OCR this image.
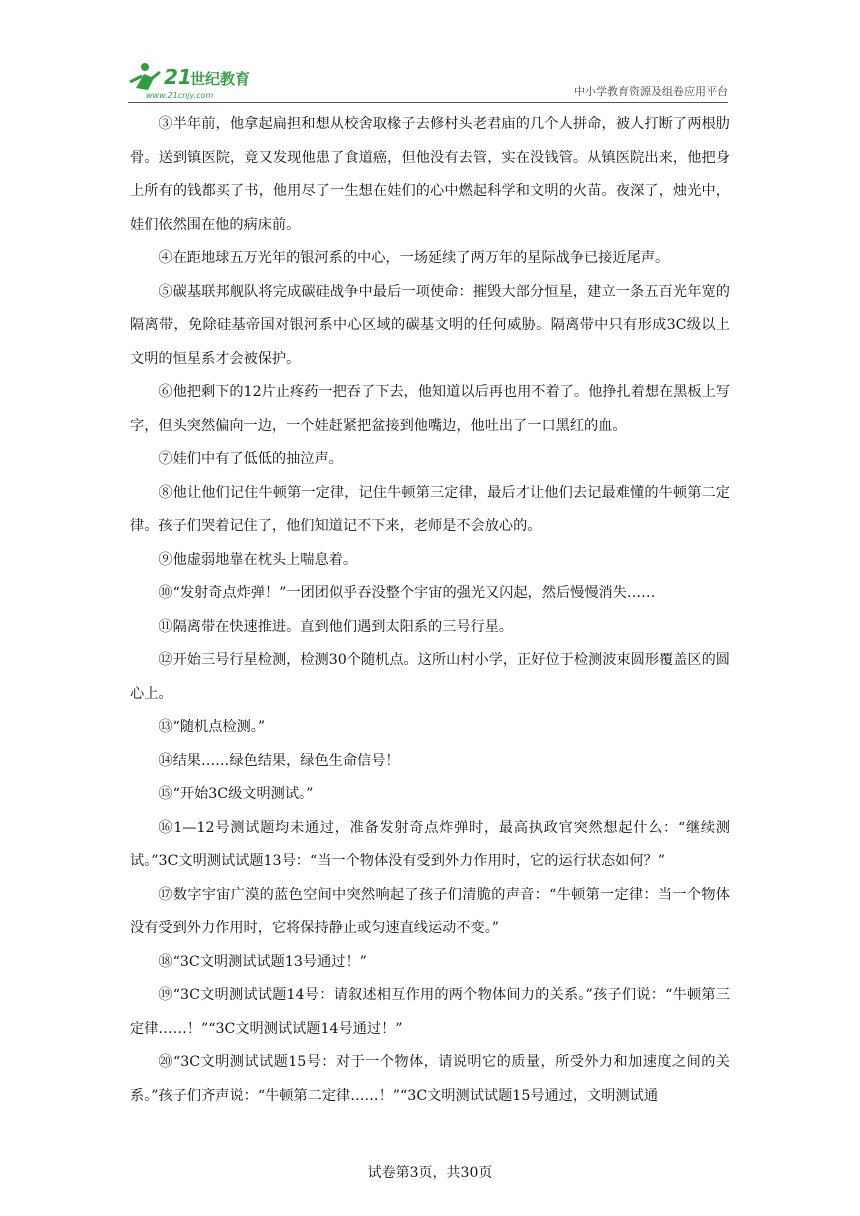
21
世纪教育
www.21cnjy.com	中小学教育资源及组卷应用平台

③半年前，他拿起扁担和想从校舍取椽子去修村头老君庙的几个人拼命，被人打断了两根肋骨。送到镇医院，竟又发现他患了食道癌，但他没有去管，实在没钱管。从镇医院出来，他把身上所有的钱都买了书，他用尽了一生想在娃们的心中燃起科学和文明的火苗。夜深了，烛光中，娃们依然围在他的病床前。

④在距地球五万光年的银河系的中心，一场延续了两万年的星际战争已接近尾声。

⑤碳基联邦舰队将完成碳硅战争中最后一项使命：摧毁大部分恒星，建立一条五百光年宽的隔离带，免除硅基帝国对银河系中心区域的碳基文明的任何威胁。隔离带中只有形成3C级以上文明的恒星系才会被保护。

⑥他把剩下的12片止疼药一把吞了下去，他知道以后再也用不着了。他挣扎着想在黑板上写字，但头突然偏向一边，一个娃赶紧把盆接到他嘴边，他吐出了一口黑红的血。

⑦娃们中有了低低的抽泣声。

⑧他让他们记住牛顿第一定律，记住牛顿第三定律，最后才让他们去记最难懂的牛顿第二定律。孩子们哭着记住了，他们知道记不下来，老师是不会放心的。

⑨他虚弱地靠在枕头上喘息着。

⑩“发射奇点炸弹！”一团团似乎吞没整个宇宙的强光又闪起，然后慢慢消失……

⑪隔离带在快速推进。直到他们遇到太阳系的三号行星。

⑫开始三号行星检测，检测30个随机点。这所山村小学，正好位于检测波束圆形覆盖区的圆心上。

⑬“随机点检测。”

⑭结果……绿色结果，绿色生命信号！

⑮“开始3C级文明测试。”

⑯1—12号测试题均未通过，准备发射奇点炸弹时，最高执政官突然想起什么：“继续测试。”3C文明测试试题13号：“当一个物体没有受到外力作用时，它的运行状态如何？”

⑰数字宇宙广漠的蓝色空间中突然响起了孩子们清脆的声音：“牛顿第一定律：当一个物体没有受到外力作用时，它将保持静止或匀速直线运动不变。”

⑱“3C文明测试试题13号通过！”

⑲“3C文明测试试题14号：请叙述相互作用的两个物体间力的关系。”孩子们说：“牛顿第三定律……！”“3C文明测试试题14号通过！”

⑳“3C文明测试试题15号：对于一个物体，请说明它的质量，所受外力和加速度之间的关系。”孩子们齐声说：“牛顿第二定律……！”“3C文明测试试题15号通过，文明测试通

试卷第3页，共30页
